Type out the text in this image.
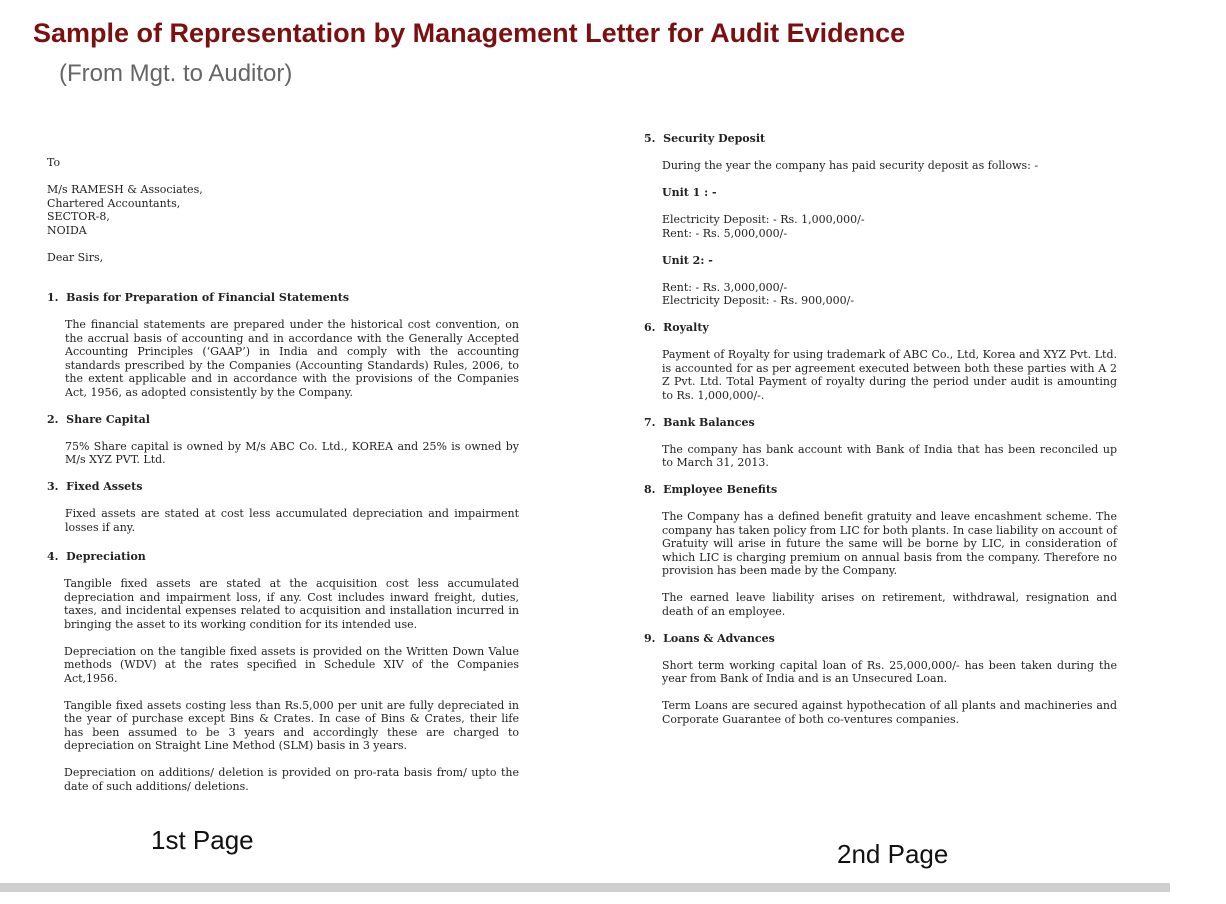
Sample of Representation by Management Letter for Audit Evidence
(From Mgt. to Auditor)
To
M/s RAMESH & Associates,
Chartered Accountants,
SECTOR-8,
NOIDA
Dear Sirs,
1. Basis for Preparation of Financial Statements
The financial statements are prepared under the historical cost convention, on the accrual basis of accounting and in accordance with the Generally Accepted Accounting Principles (‘GAAP’) in India and comply with the accounting standards prescribed by the Companies (Accounting Standards) Rules, 2006, to the extent applicable and in accordance with the provisions of the Companies Act, 1956, as adopted consistently by the Company.
2. Share Capital
75% Share capital is owned by M/s ABC Co. Ltd., KOREA and 25% is owned by M/s XYZ PVT. Ltd.
3. Fixed Assets
Fixed assets are stated at cost less accumulated depreciation and impairment losses if any.
4. Depreciation
Tangible fixed assets are stated at the acquisition cost less accumulated depreciation and impairment loss, if any. Cost includes inward freight, duties, taxes, and incidental expenses related to acquisition and installation incurred in bringing the asset to its working condition for its intended use.
Depreciation on the tangible fixed assets is provided on the Written Down Value methods (WDV) at the rates specified in Schedule XIV of the Companies Act,1956.
Tangible fixed assets costing less than Rs.5,000 per unit are fully depreciated in the year of purchase except Bins & Crates. In case of Bins & Crates, their life has been assumed to be 3 years and accordingly these are charged to depreciation on Straight Line Method (SLM) basis in 3 years.
Depreciation on additions/ deletion is provided on pro-rata basis from/ upto the date of such additions/ deletions.
5. Security Deposit
During the year the company has paid security deposit as follows: -
Unit 1 : -
Electricity Deposit: - Rs. 1,000,000/-
Rent: - Rs. 5,000,000/-
Unit 2: -
Rent: - Rs. 3,000,000/-
Electricity Deposit: - Rs. 900,000/-
6. Royalty
Payment of Royalty for using trademark of ABC Co., Ltd, Korea and XYZ Pvt. Ltd. is accounted for as per agreement executed between both these parties with A 2 Z Pvt. Ltd. Total Payment of royalty during the period under audit is amounting to Rs. 1,000,000/-.
7. Bank Balances
The company has bank account with Bank of India that has been reconciled up to March 31, 2013.
8. Employee Benefits
The Company has a defined benefit gratuity and leave encashment scheme. The company has taken policy from LIC for both plants. In case liability on account of Gratuity will arise in future the same will be borne by LIC, in consideration of which LIC is charging premium on annual basis from the company. Therefore no provision has been made by the Company.
The earned leave liability arises on retirement, withdrawal, resignation and death of an employee.
9. Loans & Advances
Short term working capital loan of Rs. 25,000,000/- has been taken during the year from Bank of India and is an Unsecured Loan.
Term Loans are secured against hypothecation of all plants and machineries and Corporate Guarantee of both co-ventures companies.
1st Page	2nd Page
